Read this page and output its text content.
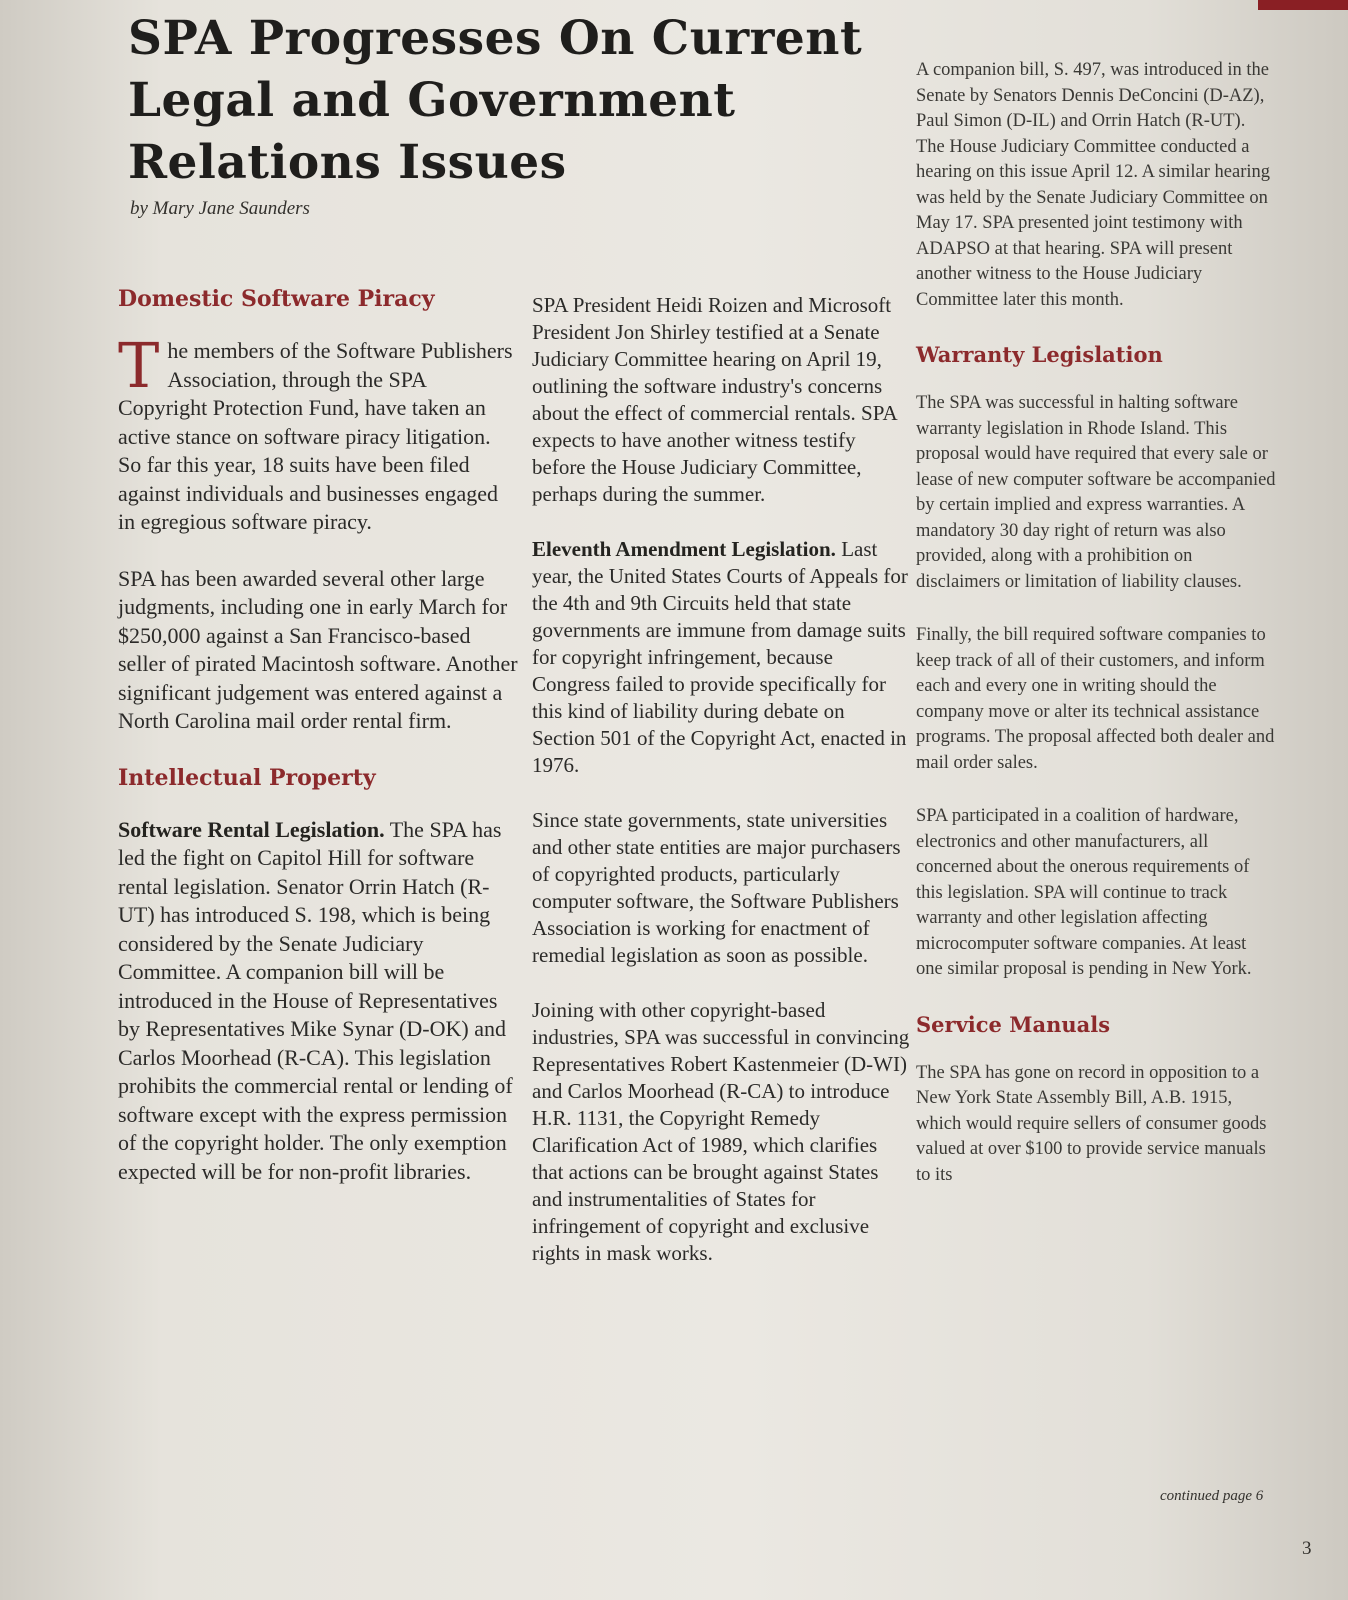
SPA Progresses On Current Legal and Government Relations Issues

by Mary Jane Saunders

Domestic Software Piracy

The members of the Software Publishers Association, through the SPA Copyright Protection Fund, have taken an active stance on software piracy litigation. So far this year, 18 suits have been filed against individuals and businesses engaged in egregious software piracy.

SPA has been awarded several other large judgments, including one in early March for $250,000 against a San Francisco-based seller of pirated Macintosh software. Another significant judgement was entered against a North Carolina mail order rental firm.

Intellectual Property

Software Rental Legislation. The SPA has led the fight on Capitol Hill for software rental legislation. Senator Orrin Hatch (R-UT) has introduced S. 198, which is being considered by the Senate Judiciary Committee. A companion bill will be introduced in the House of Representatives by Representatives Mike Synar (D-OK) and Carlos Moorhead (R-CA). This legislation prohibits the commercial rental or lending of software except with the express permission of the copyright holder. The only exemption expected will be for non-profit libraries.

SPA President Heidi Roizen and Microsoft President Jon Shirley testified at a Senate Judiciary Committee hearing on April 19, outlining the software industry's concerns about the effect of commercial rentals. SPA expects to have another witness testify before the House Judiciary Committee, perhaps during the summer.

Eleventh Amendment Legislation. Last year, the United States Courts of Appeals for the 4th and 9th Circuits held that state governments are immune from damage suits for copyright infringement, because Congress failed to provide specifically for this kind of liability during debate on Section 501 of the Copyright Act, enacted in 1976.

Since state governments, state universities and other state entities are major purchasers of copyrighted products, particularly computer software, the Software Publishers Association is working for enactment of remedial legislation as soon as possible.

Joining with other copyright-based industries, SPA was successful in convincing Representatives Robert Kastenmeier (D-WI) and Carlos Moorhead (R-CA) to introduce H.R. 1131, the Copyright Remedy Clarification Act of 1989, which clarifies that actions can be brought against States and instrumentalities of States for infringement of copyright and exclusive rights in mask works.

A companion bill, S. 497, was introduced in the Senate by Senators Dennis DeConcini (D-AZ), Paul Simon (D-IL) and Orrin Hatch (R-UT). The House Judiciary Committee conducted a hearing on this issue April 12. A similar hearing was held by the Senate Judiciary Committee on May 17. SPA presented joint testimony with ADAPSO at that hearing. SPA will present another witness to the House Judiciary Committee later this month.

Warranty Legislation

The SPA was successful in halting software warranty legislation in Rhode Island. This proposal would have required that every sale or lease of new computer software be accompanied by certain implied and express warranties. A mandatory 30 day right of return was also provided, along with a prohibition on disclaimers or limitation of liability clauses.

Finally, the bill required software companies to keep track of all of their customers, and inform each and every one in writing should the company move or alter its technical assistance programs. The proposal affected both dealer and mail order sales.

SPA participated in a coalition of hardware, electronics and other manufacturers, all concerned about the onerous requirements of this legislation. SPA will continue to track warranty and other legislation affecting microcomputer software companies. At least one similar proposal is pending in New York.

Service Manuals

The SPA has gone on record in opposition to a New York State Assembly Bill, A.B. 1915, which would require sellers of consumer goods valued at over $100 to provide service manuals to its

continued page 6
3
